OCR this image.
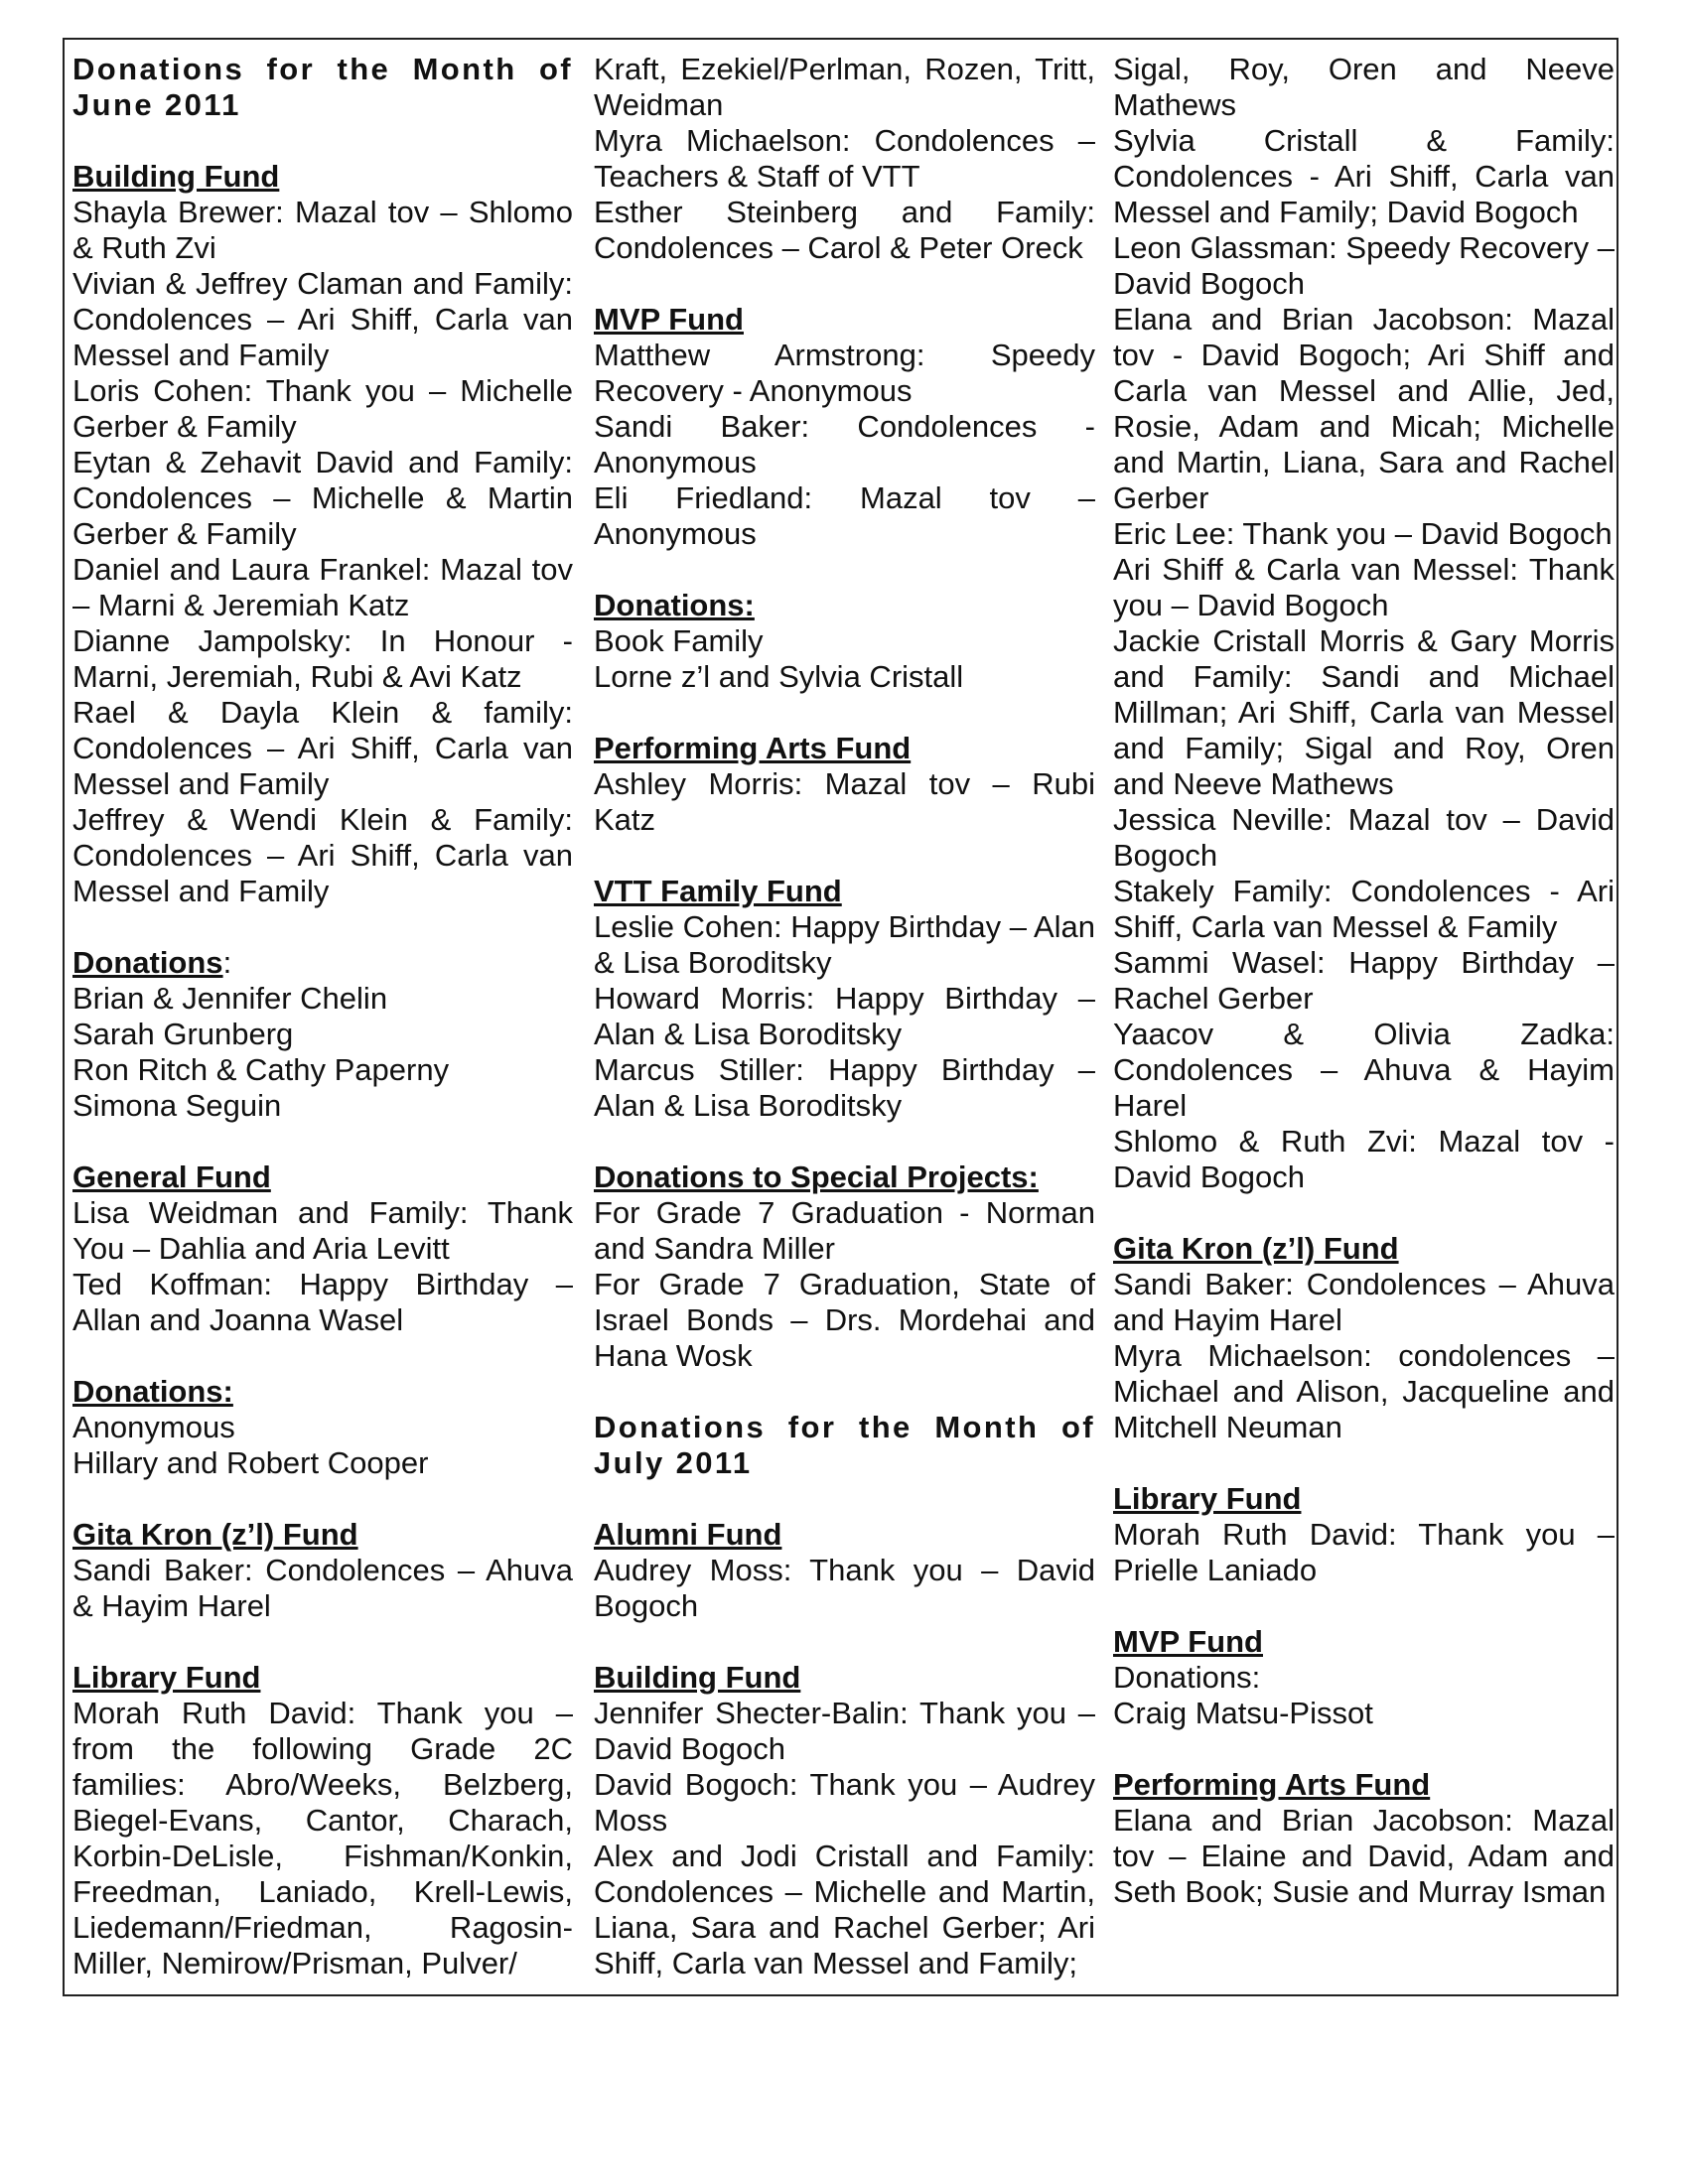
Donations for the Month of June 2011
Building Fund

Shayla Brewer: Mazal tov – Shlomo & Ruth Zvi

Vivian & Jeffrey Claman and Family: Condolences – Ari Shiff, Carla van Messel and Family

Loris Cohen: Thank you – Michelle Gerber & Family

Eytan & Zehavit David and Family: Condolences – Michelle & Martin Gerber & Family

Daniel and Laura Frankel: Mazal tov – Marni & Jeremiah Katz

Dianne Jampolsky: In Honour - Marni, Jeremiah, Rubi & Avi Katz

Rael & Dayla Klein & family: Condolences – Ari Shiff, Carla van Messel and Family

Jeffrey & Wendi Klein & Family: Condolences – Ari Shiff, Carla van Messel and Family

Donations:

Brian & Jennifer Chelin

Sarah Grunberg

Ron Ritch & Cathy Paperny

Simona Seguin

General Fund

Lisa Weidman and Family: Thank You – Dahlia and Aria Levitt

Ted Koffman: Happy Birthday – Allan and Joanna Wasel

Donations:

Anonymous

Hillary and Robert Cooper

Gita Kron (z’l) Fund

Sandi Baker: Condolences – Ahuva & Hayim Harel

Library Fund

Morah Ruth David: Thank you – from the following Grade 2C families: Abro/Weeks, Belzberg, Biegel-Evans, Cantor, Charach, Korbin-DeLisle, Fishman/Konkin, Freedman, Laniado, Krell-Lewis, Liedemann/Friedman, Ragosin-Miller, Nemirow/Prisman, Pulver/

Kraft, Ezekiel/Perlman, Rozen, Tritt, Weidman

Myra Michaelson: Condolences – Teachers & Staff of VTT

Esther Steinberg and Family: Condolences – Carol & Peter Oreck

MVP Fund

Matthew Armstrong: Speedy Recovery - Anonymous

Sandi Baker: Condolences - Anonymous

Eli Friedland: Mazal tov – Anonymous

Donations:

Book Family

Lorne z’l and Sylvia Cristall

Performing Arts Fund

Ashley Morris: Mazal tov – Rubi Katz

VTT Family Fund

Leslie Cohen: Happy Birthday – Alan & Lisa Boroditsky

Howard Morris: Happy Birthday – Alan & Lisa Boroditsky

Marcus Stiller: Happy Birthday – Alan & Lisa Boroditsky

Donations to Special Projects:

For Grade 7 Graduation - Norman and Sandra Miller

For Grade 7 Graduation, State of Israel Bonds – Drs. Mordehai and Hana Wosk

Donations for the Month of July 2011
Alumni Fund

Audrey Moss: Thank you – David Bogoch

Building Fund

Jennifer Shecter-Balin: Thank you – David Bogoch

David Bogoch: Thank you – Audrey Moss

Alex and Jodi Cristall and Family: Condolences – Michelle and Martin, Liana, Sara and Rachel Gerber; Ari Shiff, Carla van Messel and Family;

Sigal, Roy, Oren and Neeve Mathews

Sylvia Cristall & Family: Condolences - Ari Shiff, Carla van Messel and Family; David Bogoch

Leon Glassman: Speedy Recovery – David Bogoch

Elana and Brian Jacobson: Mazal tov - David Bogoch; Ari Shiff and Carla van Messel and Allie, Jed, Rosie, Adam and Micah; Michelle and Martin, Liana, Sara and Rachel Gerber

Eric Lee: Thank you – David Bogoch

Ari Shiff & Carla van Messel: Thank you – David Bogoch

Jackie Cristall Morris & Gary Morris and Family: Sandi and Michael Millman; Ari Shiff, Carla van Messel and Family; Sigal and Roy, Oren and Neeve Mathews

Jessica Neville: Mazal tov – David Bogoch

Stakely Family: Condolences - Ari Shiff, Carla van Messel & Family

Sammi Wasel: Happy Birthday – Rachel Gerber

Yaacov & Olivia Zadka: Condolences – Ahuva & Hayim Harel

Shlomo & Ruth Zvi: Mazal tov - David Bogoch

Gita Kron (z’l) Fund

Sandi Baker: Condolences – Ahuva and Hayim Harel

Myra Michaelson: condolences – Michael and Alison, Jacqueline and Mitchell Neuman

Library Fund

Morah Ruth David: Thank you – Prielle Laniado

MVP Fund

Donations:

Craig Matsu-Pissot

Performing Arts Fund

Elana and Brian Jacobson: Mazal tov – Elaine and David, Adam and Seth Book; Susie and Murray Isman
